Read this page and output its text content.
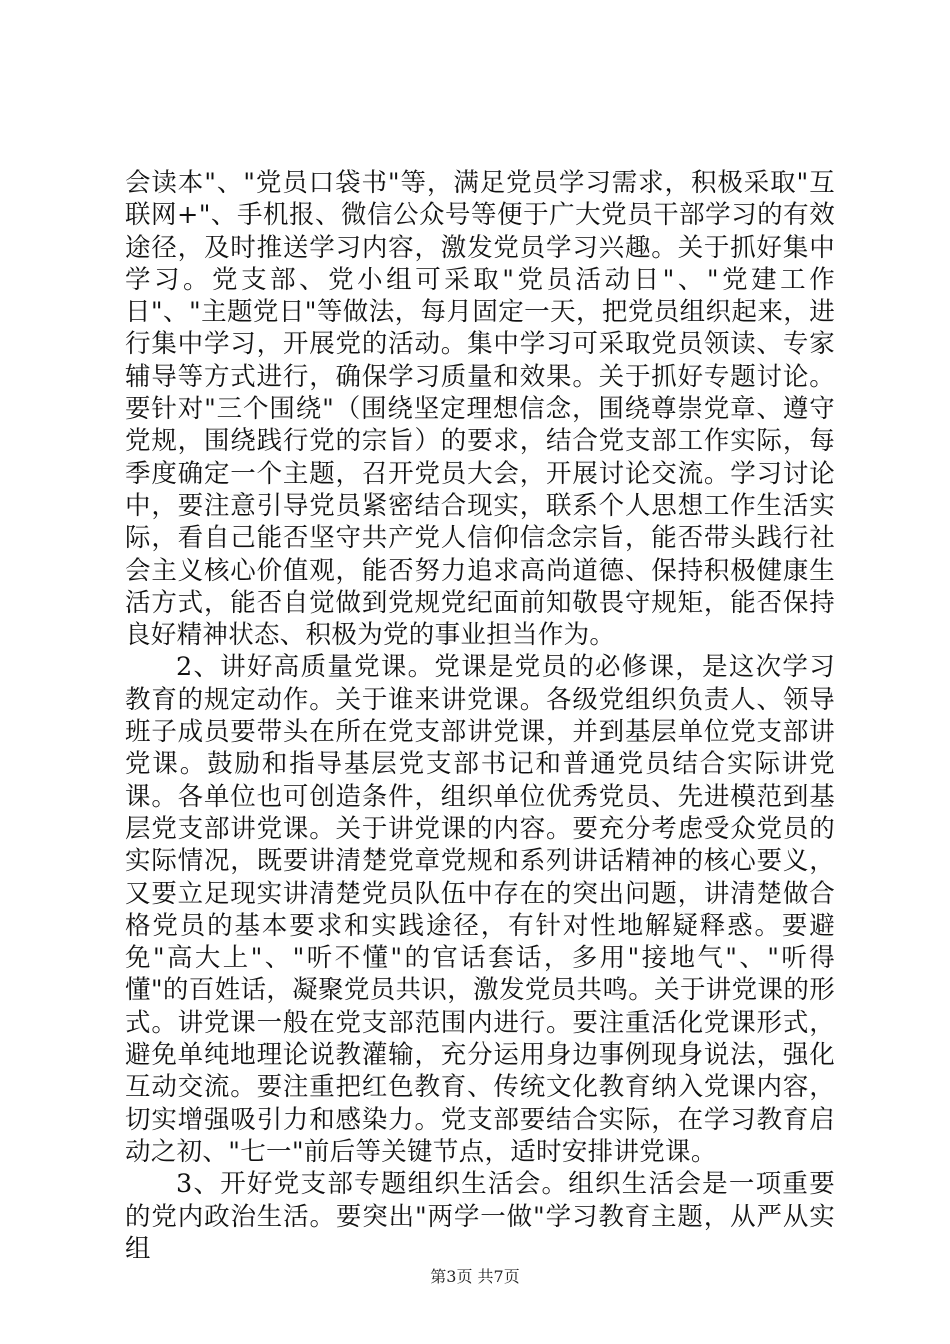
会读本"、"党员口袋书"等，满足党员学习需求，积极采取"互联网+"、手机报、微信公众号等便于广大党员干部学习的有效途径，及时推送学习内容，激发党员学习兴趣。关于抓好集中学习。党支部、党小组可采取"党员活动日"、"党建工作日"、"主题党日"等做法，每月固定一天，把党员组织起来，进行集中学习，开展党的活动。集中学习可采取党员领读、专家辅导等方式进行，确保学习质量和效果。关于抓好专题讨论。要针对"三个围绕"（围绕坚定理想信念，围绕尊崇党章、遵守党规，围绕践行党的宗旨）的要求，结合党支部工作实际，每季度确定一个主题，召开党员大会，开展讨论交流。学习讨论中，要注意引导党员紧密结合现实，联系个人思想工作生活实际，看自己能否坚守共产党人信仰信念宗旨，能否带头践行社会主义核心价值观，能否努力追求高尚道德、保持积极健康生活方式，能否自觉做到党规党纪面前知敬畏守规矩，能否保持良好精神状态、积极为党的事业担当作为。

2、讲好高质量党课。党课是党员的必修课，是这次学习教育的规定动作。关于谁来讲党课。各级党组织负责人、领导班子成员要带头在所在党支部讲党课，并到基层单位党支部讲党课。鼓励和指导基层党支部书记和普通党员结合实际讲党课。各单位也可创造条件，组织单位优秀党员、先进模范到基层党支部讲党课。关于讲党课的内容。要充分考虑受众党员的实际情况，既要讲清楚党章党规和系列讲话精神的核心要义，又要立足现实讲清楚党员队伍中存在的突出问题，讲清楚做合格党员的基本要求和实践途径，有针对性地解疑释惑。要避免"高大上"、"听不懂"的官话套话，多用"接地气"、"听得懂"的百姓话，凝聚党员共识，激发党员共鸣。关于讲党课的形式。讲党课一般在党支部范围内进行。要注重活化党课形式，避免单纯地理论说教灌输，充分运用身边事例现身说法，强化互动交流。要注重把红色教育、传统文化教育纳入党课内容，切实增强吸引力和感染力。党支部要结合实际，在学习教育启动之初、"七一"前后等关键节点，适时安排讲党课。

3、开好党支部专题组织生活会。组织生活会是一项重要的党内政治生活。要突出"两学一做"学习教育主题，从严从实组

第3页 共7页
